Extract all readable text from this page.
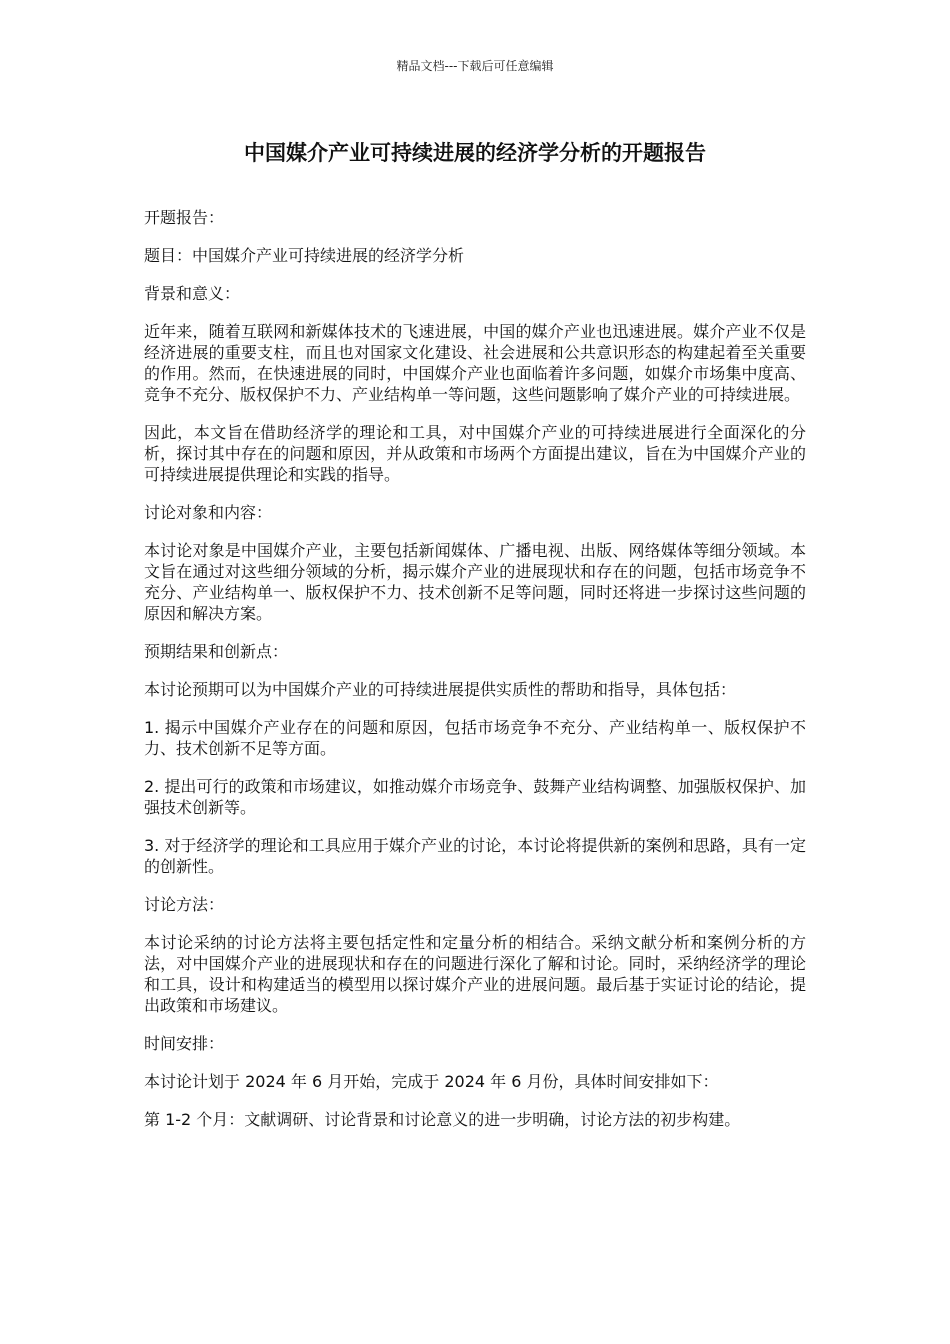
精品文档---下载后可任意编辑
中国媒介产业可持续进展的经济学分析的开题报告

开题报告：

题目：中国媒介产业可持续进展的经济学分析

背景和意义：

近年来，随着互联网和新媒体技术的飞速进展，中国的媒介产业也迅速进展。媒介产业不仅是经济进展的重要支柱，而且也对国家文化建设、社会进展和公共意识形态的构建起着至关重要的作用。然而，在快速进展的同时，中国媒介产业也面临着许多问题，如媒介市场集中度高、竞争不充分、版权保护不力、产业结构单一等问题，这些问题影响了媒介产业的可持续进展。

因此，本文旨在借助经济学的理论和工具，对中国媒介产业的可持续进展进行全面深化的分析，探讨其中存在的问题和原因，并从政策和市场两个方面提出建议，旨在为中国媒介产业的可持续进展提供理论和实践的指导。

讨论对象和内容：

本讨论对象是中国媒介产业，主要包括新闻媒体、广播电视、出版、网络媒体等细分领域。本文旨在通过对这些细分领域的分析，揭示媒介产业的进展现状和存在的问题，包括市场竞争不充分、产业结构单一、版权保护不力、技术创新不足等问题，同时还将进一步探讨这些问题的原因和解决方案。

预期结果和创新点：

本讨论预期可以为中国媒介产业的可持续进展提供实质性的帮助和指导，具体包括：

1. 揭示中国媒介产业存在的问题和原因，包括市场竞争不充分、产业结构单一、版权保护不力、技术创新不足等方面。

2. 提出可行的政策和市场建议，如推动媒介市场竞争、鼓舞产业结构调整、加强版权保护、加强技术创新等。

3. 对于经济学的理论和工具应用于媒介产业的讨论，本讨论将提供新的案例和思路，具有一定的创新性。

讨论方法：

本讨论采纳的讨论方法将主要包括定性和定量分析的相结合。采纳文献分析和案例分析的方法，对中国媒介产业的进展现状和存在的问题进行深化了解和讨论。同时，采纳经济学的理论和工具，设计和构建适当的模型用以探讨媒介产业的进展问题。最后基于实证讨论的结论，提出政策和市场建议。

时间安排：

本讨论计划于 2024 年 6 月开始，完成于 2024 年 6 月份，具体时间安排如下：

第 1-2 个月：文献调研、讨论背景和讨论意义的进一步明确，讨论方法的初步构建。
